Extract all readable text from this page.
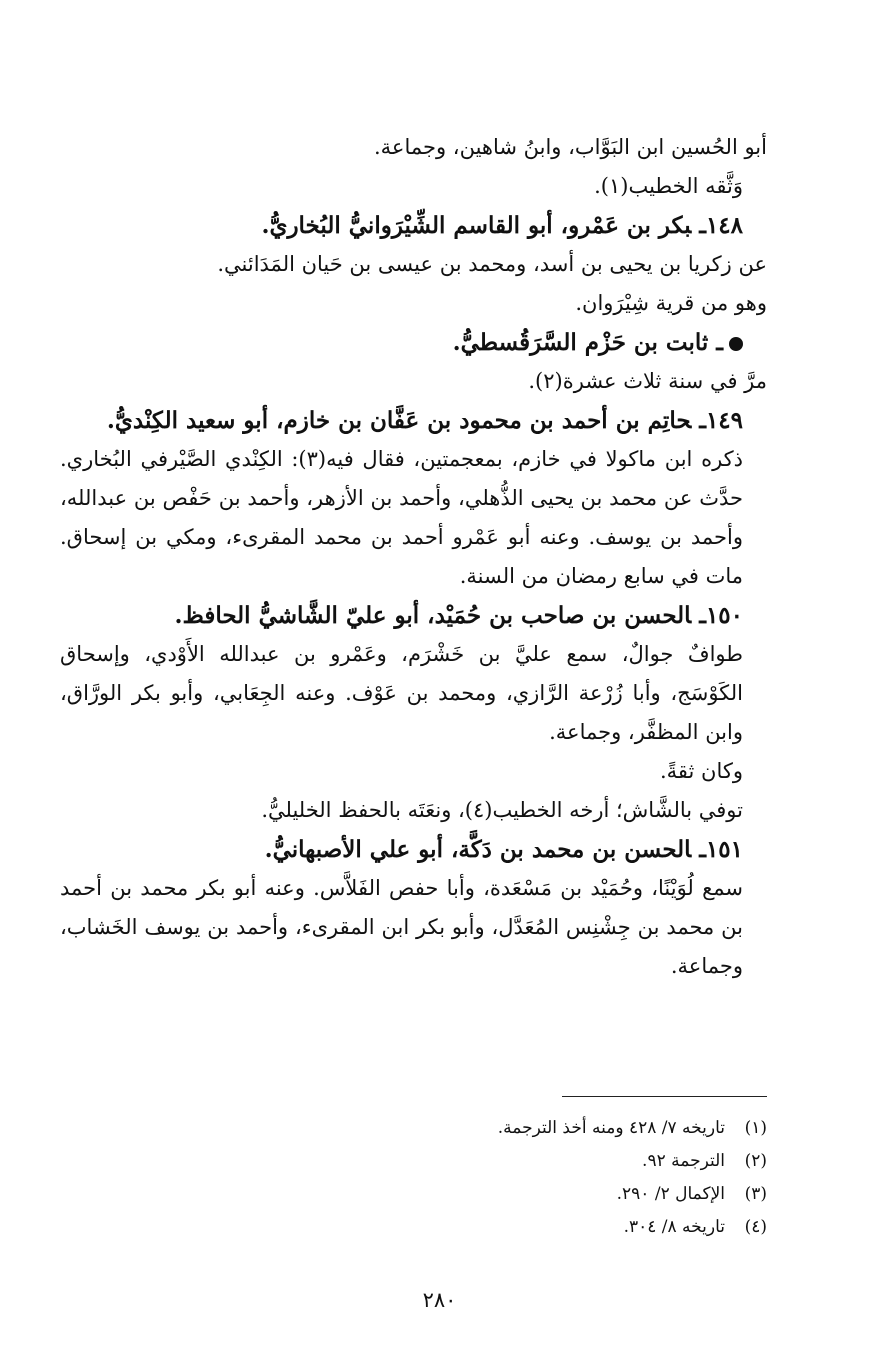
أبو الحُسين ابن البَوَّاب، وابنُ شاهين، وجماعة.

وَثَّقه الخطيب(١).

١٤٨ـبكر بن عَمْرو، أبو القاسم الشِّيْرَوانيُّ البُخاريُّ.

عن زكريا بن يحيى بن أسد، ومحمد بن عيسى بن حَيان المَدَائني.

وهو من قرية شِيْرَوان.

ـ ثابت بن حَزْم السَّرَقُسطيُّ.

مرَّ في سنة ثلاث عشرة(٢).

١٤٩ـحاتِم بن أحمد بن محمود بن عَفَّان بن خازم، أبو سعيد الكِنْديُّ.

ذكره ابن ماكولا في خازم، بمعجمتين، فقال فيه(٣): الكِنْدي الصَّيْرفي البُخاري. حدَّث عن محمد بن يحيى الذُّهلي، وأحمد بن الأزهر، وأحمد بن حَفْص بن عبدالله، وأحمد بن يوسف. وعنه أبو عَمْرو أحمد بن محمد المقرىء، ومكي بن إسحاق. مات في سابع رمضان من السنة.

١٥٠ـالحسن بن صاحب بن حُمَيْد، أبو عليّ الشَّاشيُّ الحافظ.

طوافٌ جوالٌ، سمع عليَّ بن خَشْرَم، وعَمْرو بن عبدالله الأَوْدي، وإسحاق الكَوْسَج، وأبا زُرْعة الرَّازي، ومحمد بن عَوْف. وعنه الجِعَابي، وأبو بكر الورَّاق، وابن المظفَّر، وجماعة.

وكان ثقةً.

توفي بالشَّاش؛ أرخه الخطيب(٤)، ونعَتَه بالحفظ الخليليُّ.

١٥١ـالحسن بن محمد بن دَكَّة، أبو علي الأصبهانيُّ.

سمع لُوَيْنًا، وحُمَيْد بن مَسْعَدة، وأبا حفص الفَلاَّس. وعنه أبو بكر محمد بن أحمد بن محمد بن جِشْنِس المُعَدَّل، وأبو بكر ابن المقرىء، وأحمد بن يوسف الخَشاب، وجماعة.

(١)تاريخه ٧/ ٤٢٨ ومنه أخذ الترجمة.

(٢)الترجمة ٩٢.

(٣)الإكمال ٢/ ٢٩٠.

(٤)تاريخه ٨/ ٣٠٤.

٢٨٠
